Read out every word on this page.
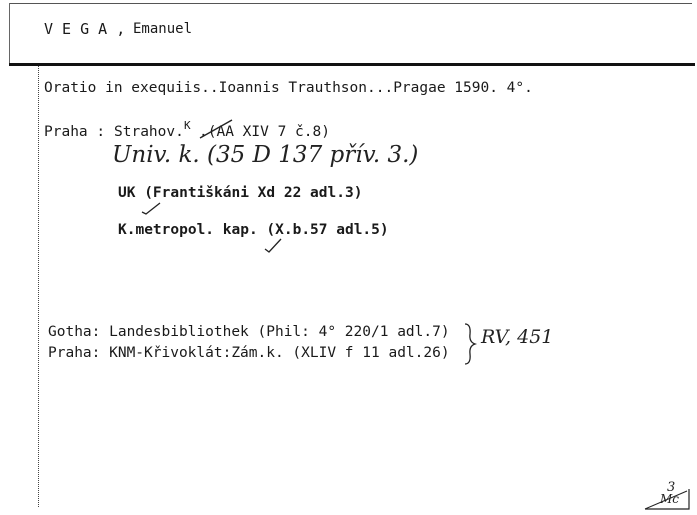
V E G A , Emanuel
Oratio in exequiis..Ioannis Trauthson...Pragae 1590. 4°.
Praha : Strahov. K .(AA XIV 7 č.8)
Univ. k. (35 D 137 přív. 3.)
UK (Františkáni Xd 22 adl.3)
K.metropol. kap. (X.b.57 adl.5)
Gotha: Landesbibliothek (Phil: 4° 220/1 adl.7)
Praha: KNM-Křivoklát:Zám.k. (XLIV f 11 adl.26)
RV, 451
3
Mc
